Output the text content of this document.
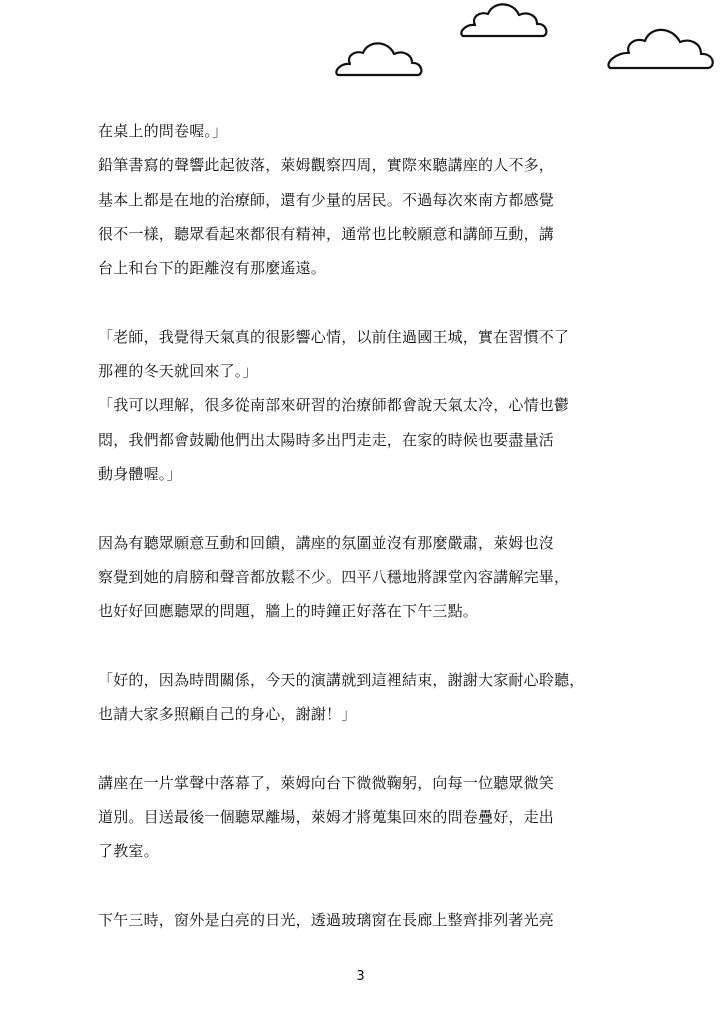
在桌上的問卷喔。」
鉛筆書寫的聲響此起彼落，萊姆觀察四周，實際來聽講座的人不多，
基本上都是在地的治療師，還有少量的居民。不過每次來南方都感覺
很不一樣，聽眾看起來都很有精神，通常也比較願意和講師互動，講
台上和台下的距離沒有那麼遙遠。
「老師，我覺得天氣真的很影響心情，以前住過國王城，實在習慣不了
那裡的冬天就回來了。」
「我可以理解，很多從南部來研習的治療師都會說天氣太冷，心情也鬱
悶，我們都會鼓勵他們出太陽時多出門走走，在家的時候也要盡量活
動身體喔。」
因為有聽眾願意互動和回饋，講座的氛圍並沒有那麼嚴肅，萊姆也沒
察覺到她的肩膀和聲音都放鬆不少。四平八穩地將課堂內容講解完畢，
也好好回應聽眾的問題，牆上的時鐘正好落在下午三點。
「好的，因為時間關係，今天的演講就到這裡結束，謝謝大家耐心聆聽，
也請大家多照顧自己的身心，謝謝！」
講座在一片掌聲中落幕了，萊姆向台下微微鞠躬，向每一位聽眾微笑
道別。目送最後一個聽眾離場，萊姆才將蒐集回來的問卷疊好，走出
了教室。
下午三時，窗外是白亮的日光，透過玻璃窗在長廊上整齊排列著光亮
3
